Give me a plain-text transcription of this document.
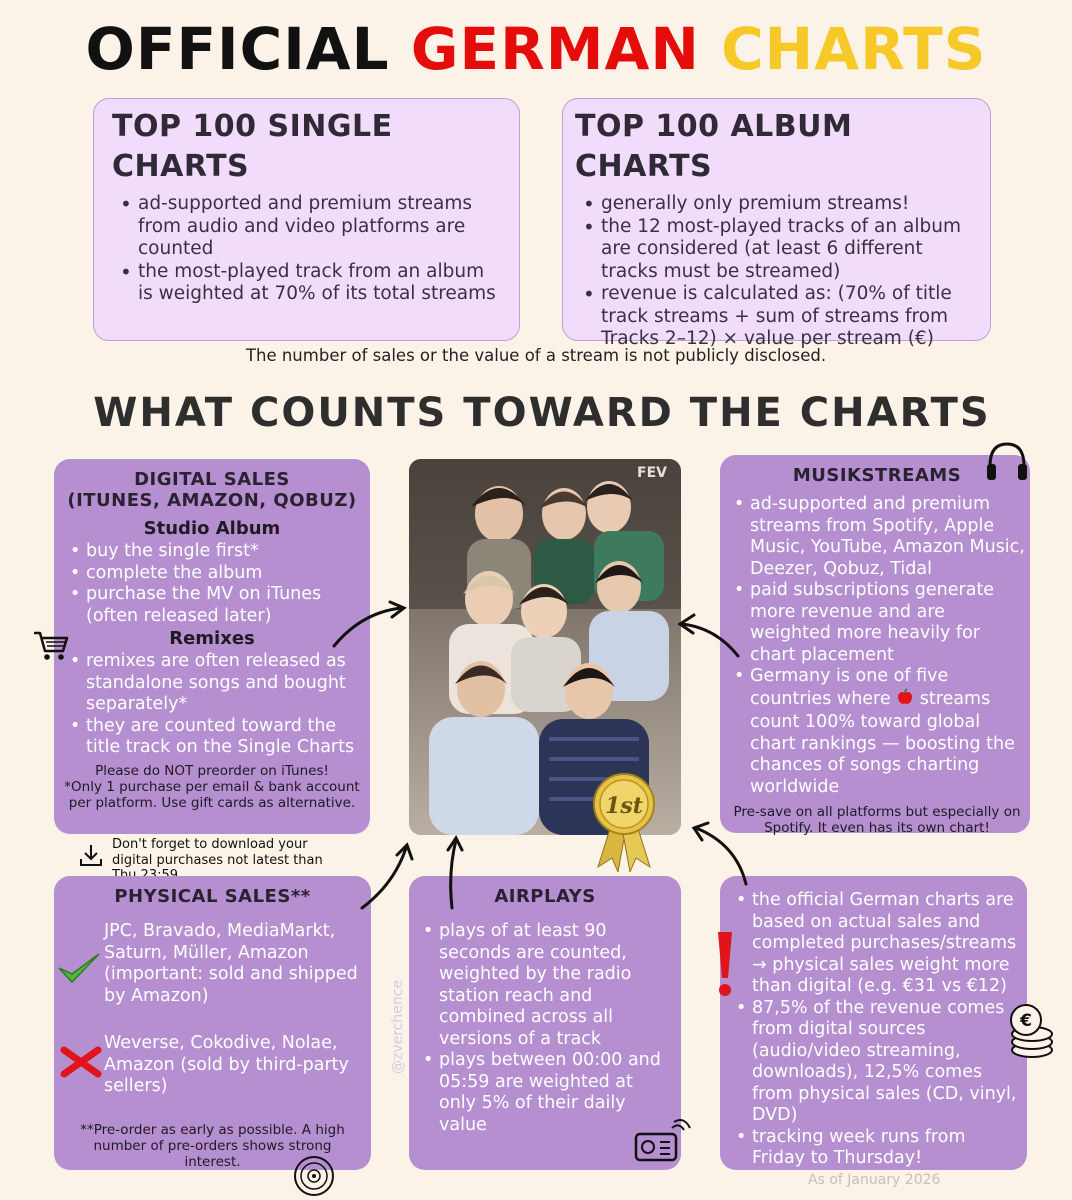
OFFICIAL GERMAN CHARTS
TOP 100 SINGLE CHARTS
• ad-supported and premium streams from audio and video platforms are counted
• the most-played track from an album is weighted at 70% of its total streams
TOP 100 ALBUM CHARTS
• generally only premium streams!
• the 12 most-played tracks of an album are considered (at least 6 different tracks must be streamed)
• revenue is calculated as: (70% of title track streams + sum of streams from Tracks 2–12) × value per stream (€)
The number of sales or the value of a stream is not publicly disclosed.
WHAT COUNTS TOWARD THE CHARTS
DIGITAL SALES
(ITUNES, AMAZON, QOBUZ)
Studio Album
• buy the single first*
• complete the album
• purchase the MV on iTunes (often released later)
Remixes
• remixes are often released as standalone songs and bought separately*
• they are counted toward the title track on the Single Charts
Please do NOT preorder on iTunes!
*Only 1 purchase per email & bank account per platform. Use gift cards as alternative.
Don't forget to download your digital purchases not latest than
FEV
1st
MUSIKSTREAMS
• ad-supported and premium streams from Spotify, Apple Music, YouTube, Amazon Music, Deezer, Qobuz, Tidal
• paid subscriptions generate more revenue and are weighted more heavily for chart placement
• Germany is one of five countries where streams count 100% toward global chart rankings — boosting the chances of songs charting worldwide
Pre-save on all platforms but especially on Spotify. It even has its own chart!
PHYSICAL SALES**
JPC, Bravado, MediaMarkt, Saturn, Müller, Amazon (important: sold and shipped by Amazon)
Weverse, Cokodive, Nolae, Amazon (sold by third-party sellers)
**Pre-order as early as possible. A high number of pre-orders shows strong interest.
AIRPLAYS
• plays of at least 90 seconds are counted, weighted by the radio station reach and combined across all versions of a track
• plays between 00:00 and 05:59 are weighted at only 5% of their daily value
• the official German charts are based on actual sales and completed purchases/streams → physical sales weight more than digital (e.g. €31 vs €12)
• 87,5% of the revenue comes from digital sources (audio/video streaming, downloads), 12,5% comes from physical sales (CD, vinyl, DVD)
• tracking week runs from Friday to Thursday!
€
@zverchence
As of January 2026
